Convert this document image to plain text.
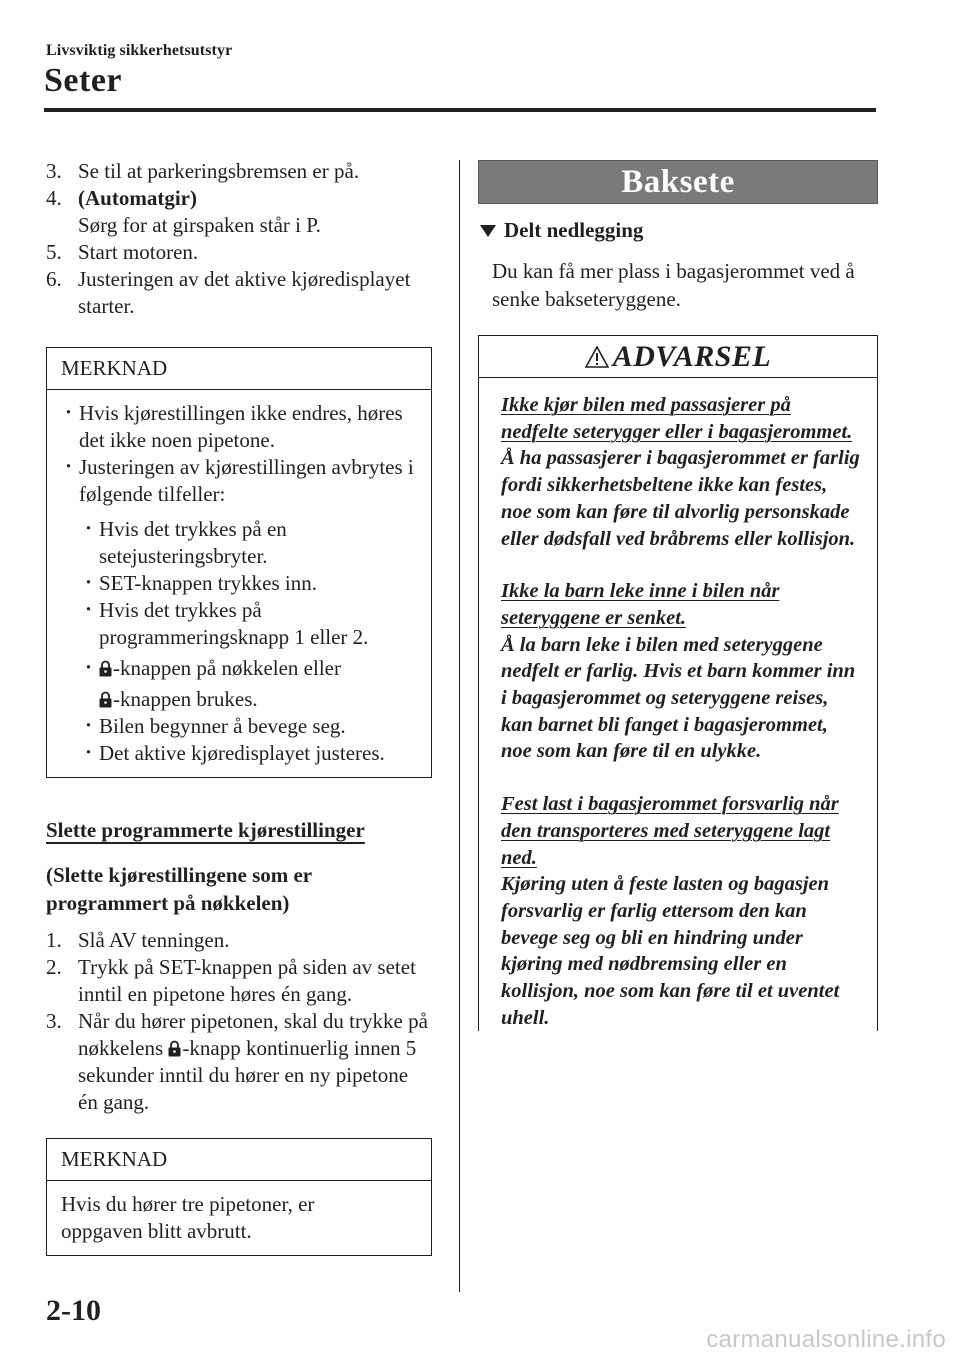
Livsviktig sikkerhetsutstyr
Seter
3. Se til at parkeringsbremsen er på.
4. (Automatgir)
Sørg for at girspaken står i P.
5. Start motoren.
6. Justeringen av det aktive kjøredisplayet starter.
MERKNAD
· Hvis kjørestillingen ikke endres, høres det ikke noen pipetone.
· Justeringen av kjørestillingen avbrytes i følgende tilfeller:
· Hvis det trykkes på en setejusteringsbryter.
· SET-knappen trykkes inn.
· Hvis det trykkes på programmeringsknapp 1 eller 2.
· -knappen på nøkkelen eller
-knappen brukes.
· Bilen begynner å bevege seg.
· Det aktive kjøredisplayet justeres.
Slette programmerte kjørestillinger
(Slette kjørestillingene som er programmert på nøkkelen)
1. Slå AV tenningen.
2. Trykk på SET-knappen på siden av setet inntil en pipetone høres én gang.
3. Når du hører pipetonen, skal du trykke på nøkkelens -knapp kontinuerlig innen 5 sekunder inntil du hører en ny pipetone én gang.
MERKNAD
Hvis du hører tre pipetoner, er oppgaven blitt avbrutt.
Baksete
Delt nedlegging
Du kan få mer plass i bagasjerommet ved å senke bakseteryggene.
ADVARSEL
Ikke kjør bilen med passasjerer på nedfelte seterygger eller i bagasjerommet.
Å ha passasjerer i bagasjerommet er farlig fordi sikkerhetsbeltene ikke kan festes, noe som kan føre til alvorlig personskade eller dødsfall ved bråbrems eller kollisjon.
Ikke la barn leke inne i bilen når seteryggene er senket.
Å la barn leke i bilen med seteryggene nedfelt er farlig. Hvis et barn kommer inn i bagasjerommet og seteryggene reises, kan barnet bli fanget i bagasjerommet, noe som kan føre til en ulykke.
Fest last i bagasjerommet forsvarlig når den transporteres med seteryggene lagt ned.
Kjøring uten å feste lasten og bagasjen forsvarlig er farlig ettersom den kan bevege seg og bli en hindring under kjøring med nødbremsing eller en kollisjon, noe som kan føre til et uventet uhell.
2-10
carmanualsonline.info
